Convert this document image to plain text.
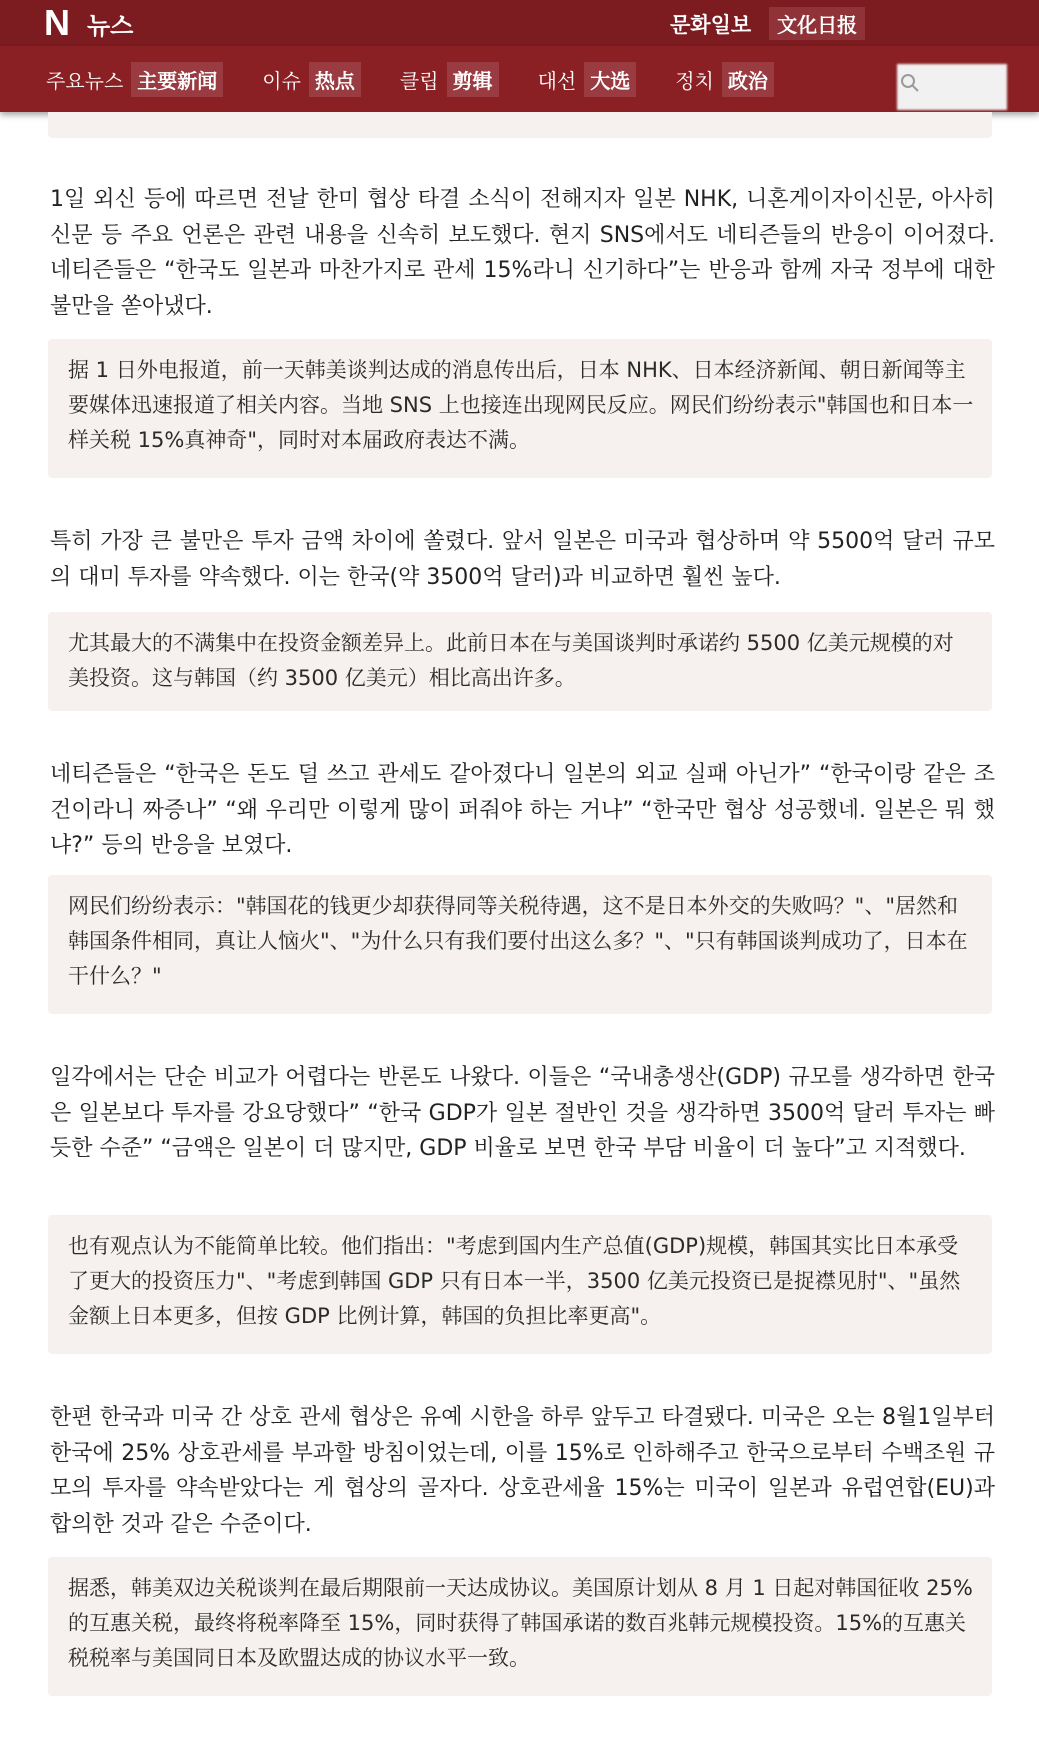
N 뉴스	문화일보	文化日报
주요뉴스 主要新闻	이슈 热点	클립 剪辑	대선 大选	정치 政治

1일 외신 등에 따르면 전날 한미 협상 타결 소식이 전해지자 일본 NHK, 니혼게이자이신문, 아사히신문 등 주요 언론은 관련 내용을 신속히 보도했다. 현지 SNS에서도 네티즌들의 반응이 이어졌다. 네티즌들은 “한국도 일본과 마찬가지로 관세 15%라니 신기하다”는 반응과 함께 자국 정부에 대한 불만을 쏟아냈다.

据 1 日外电报道，前一天韩美谈判达成的消息传出后，日本 NHK、日本经济新闻、朝日新闻等主要媒体迅速报道了相关内容。当地 SNS 上也接连出现网民反应。网民们纷纷表示"韩国也和日本一样关税 15%真神奇"，同时对本届政府表达不满。

특히 가장 큰 불만은 투자 금액 차이에 쏠렸다. 앞서 일본은 미국과 협상하며 약 5500억 달러 규모의 대미 투자를 약속했다. 이는 한국(약 3500억 달러)과 비교하면 훨씬 높다.

尤其最大的不满集中在投资金额差异上。此前日本在与美国谈判时承诺约 5500 亿美元规模的对美投资。这与韩国（约 3500 亿美元）相比高出许多。

네티즌들은 “한국은 돈도 덜 쓰고 관세도 같아졌다니 일본의 외교 실패 아닌가” “한국이랑 같은 조건이라니 짜증나” “왜 우리만 이렇게 많이 퍼줘야 하는 거냐” “한국만 협상 성공했네. 일본은 뭐 했냐?” 등의 반응을 보였다.

网民们纷纷表示："韩国花的钱更少却获得同等关税待遇，这不是日本外交的失败吗？"、"居然和韩国条件相同，真让人恼火"、"为什么只有我们要付出这么多？"、"只有韩国谈判成功了，日本在干什么？"

일각에서는 단순 비교가 어렵다는 반론도 나왔다. 이들은 “국내총생산(GDP) 규모를 생각하면 한국은 일본보다 투자를 강요당했다” “한국 GDP가 일본 절반인 것을 생각하면 3500억 달러 투자는 빠듯한 수준” “금액은 일본이 더 많지만, GDP 비율로 보면 한국 부담 비율이 더 높다”고 지적했다.

也有观点认为不能简单比较。他们指出："考虑到国内生产总值(GDP)规模，韩国其实比日本承受了更大的投资压力"、"考虑到韩国 GDP 只有日本一半，3500 亿美元投资已是捉襟见肘"、"虽然金额上日本更多，但按 GDP 比例计算，韩国的负担比率更高"。

한편 한국과 미국 간 상호 관세 협상은 유예 시한을 하루 앞두고 타결됐다. 미국은 오는 8월1일부터 한국에 25% 상호관세를 부과할 방침이었는데, 이를 15%로 인하해주고 한국으로부터 수백조원 규모의 투자를 약속받았다는 게 협상의 골자다. 상호관세율 15%는 미국이 일본과 유럽연합(EU)과 합의한 것과 같은 수준이다.

据悉，韩美双边关税谈判在最后期限前一天达成协议。美国原计划从 8 月 1 日起对韩国征收 25%的互惠关税，最终将税率降至 15%，同时获得了韩国承诺的数百兆韩元规模投资。15%的互惠关税税率与美国同日本及欧盟达成的协议水平一致。
